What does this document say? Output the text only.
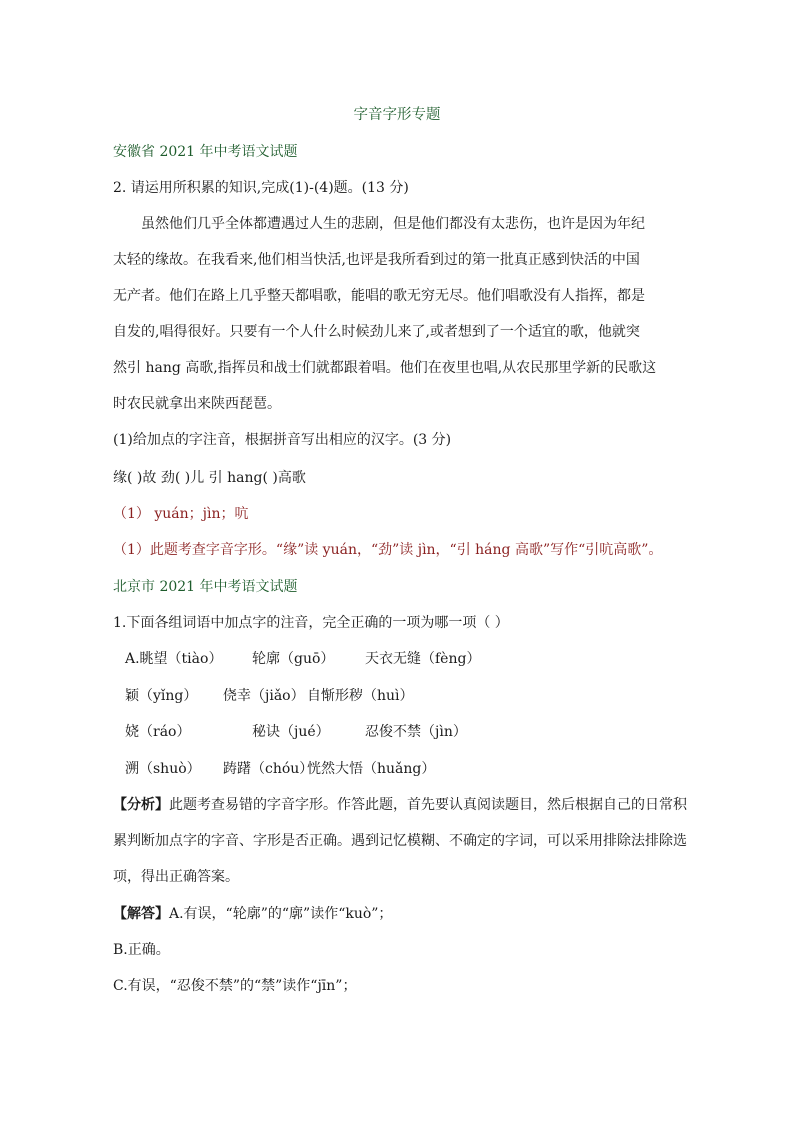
字音字形专题
安徽省 2021 年中考语文试题
2. 请运用所积累的知识,完成(1)-(4)题。(13 分)
虽然他们几乎全体都遭遇过人生的悲剧，但是他们都没有太悲伤，也许是因为年纪
太轻的缘故。在我看来,他们相当快活,也评是我所看到过的第一批真正感到快活的中国
无产者。他们在路上几乎整天都唱歌，能唱的歌无穷无尽。他们唱歌没有人指挥，都是
自发的,唱得很好。只要有一个人什么时候劲儿来了,或者想到了一个适宜的歌，他就突
然引 hang 高歌,指挥员和战士们就都跟着唱。他们在夜里也唱,从农民那里学新的民歌这
时农民就拿出来陕西琵琶。
(1)给加点的字注音，根据拼音写出相应的汉字。(3 分)
缘( )故 劲( )儿 引 hang( )高歌
（1） yuán；jìn；吭
（1）此题考查字音字形。“缘”读 yuán，“劲”读 jìn，“引 háng 高歌”写作“引吭高歌”。
北京市 2021 年中考语文试题
1.下面各组词语中加点字的注音，完全正确的一项为哪一项（ ）
A.眺望（tiào） 轮廓（guō） 天衣无缝（fèng）
颖（yǐng） 侥幸（jiǎo） 自惭形秽（huì）
娆（ráo）	秘诀（jué）	忍俊不禁（jìn）
溯（shuò） 踌躇（chóu）
恍然大悟（huǎng）
【分析】此题考查易错的字音字形。作答此题，首先要认真阅读题目，然后根据自己的日常积
累判断加点字的字音、字形是否正确。遇到记忆模糊、不确定的字词，可以采用排除法排除选
项，得出正确答案。
【解答】A.有误，“轮廓”的“廓”读作“kuò”；
B.正确。
C.有误，“忍俊不禁”的“禁”读作“jīn”；
